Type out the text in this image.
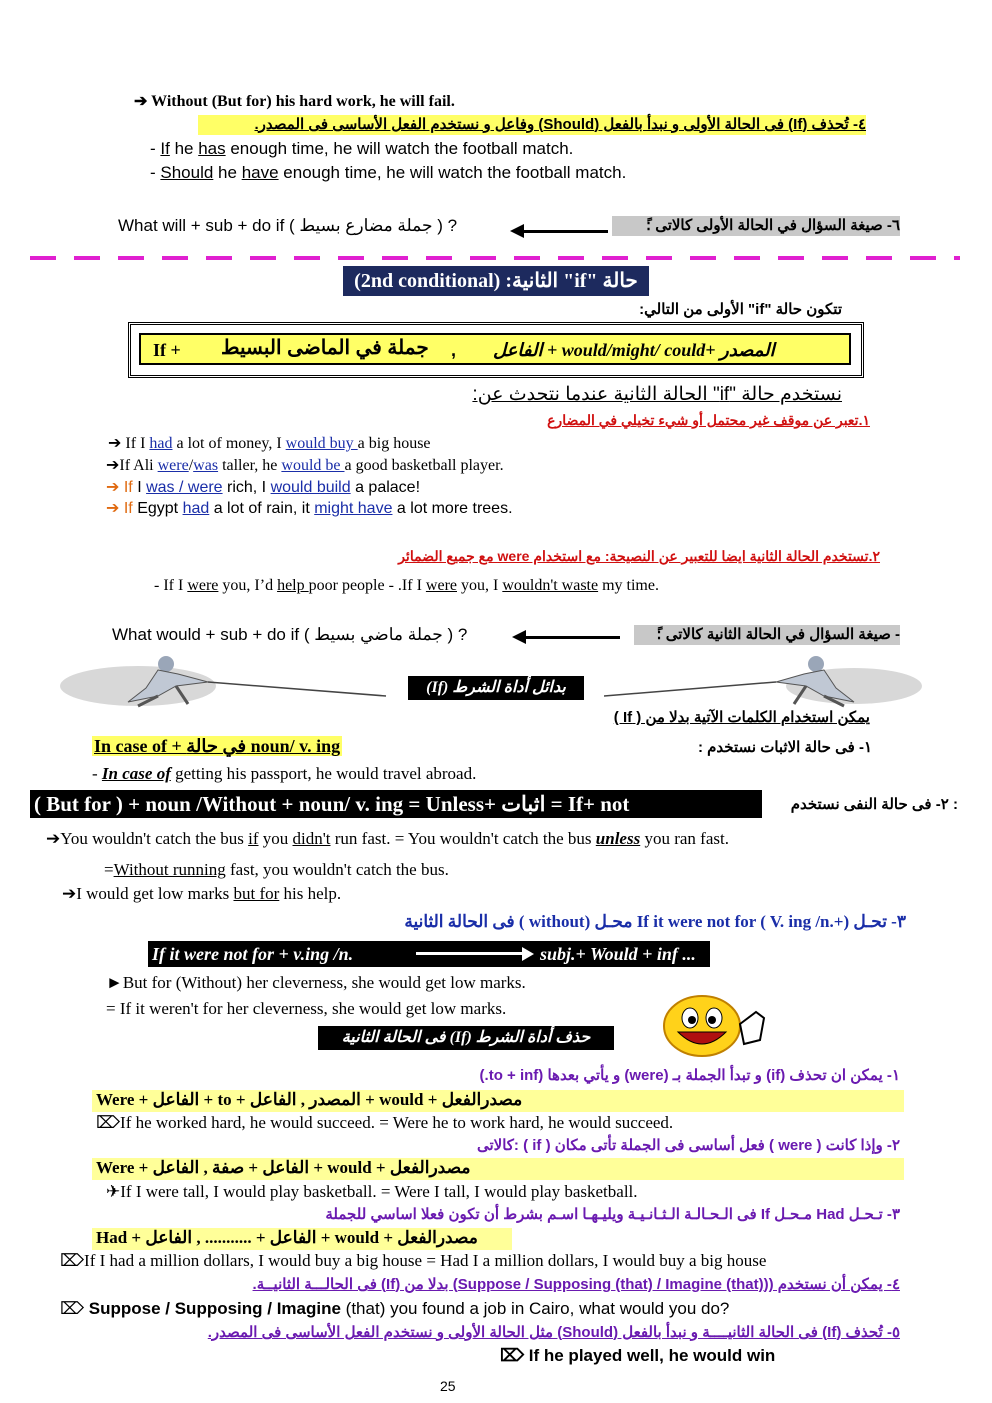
➔ Without (But for) his hard work, he will fail.
٤- تُحذف (If) فى الحالة الأولى و نبدأ بالفعل (Should) وفاعل و نستخدم الفعل الأساسى فى المصدر.
- If he has enough time, he will watch the football match.
- Should he have enough time, he will watch the football match.
What will + sub + do if ( جملة مضارع بسيط ) ?	٦- صيغة السؤال في الحالة الأولى كالاتى :ً
حالة "if" الثانية: (2nd conditional)
تتكون حالة "if" الأولى من التالي:
If + جملة في الماضى البسيط , الفاعل + would/might/ could+ المصدر
نستخدم حالة "if" الحالة الثانية عندما نتحدث عن:
١.تعبر عن موقف غير محتمل أو شيء تخيلي في المضارع
➔ If I had a lot of money, I would buy a big house
➔If Ali were/was taller, he would be a good basketball player.
➔ If I was / were rich, I would build a palace!
➔ If Egypt had a lot of rain, it might have a lot more trees.
٢.تستخدم الحالة الثانية ايضا للتعبير عن النصيحة: مع استخدام were مع جميع الضمائر
- If I were you, I’d help poor people - .If I were you, I wouldn't waste my time.
What would + sub + do if ( جملة ماضي بسيط ) ?	- صيغة السؤال في الحالة الثانية كالاتى :ً
بدائل أداة الشرط (If)
يمكن استخدام الكلمات الآتية بدلا من ( If )
In case of + في حالة noun/ v. ing	١- فى حالة الاثبات نستخدم :
- In case of getting his passport, he would travel abroad.
( But for ) + noun /Without + noun/ v. ing = Unless+ اثبات = If+ not	: ٢- فى حالة النفى نستخدم
➔You wouldn't catch the bus if you didn't run fast. = You wouldn't catch the bus unless you ran fast.
=Without running fast, you wouldn't catch the bus.
➔I would get low marks but for his help.
٣- تحـل If it were not for ( V. ing /n.+) محـل (without ) فى الحالة الثانية
If it were not for + v.ing /n.	subj.+ Would + inf ...
►But for (Without) her cleverness, she would get low marks.
= If it weren't for her cleverness, she would get low marks.
حذف أداة الشرط (If) فى الحالة الثانية
١- يمكن ان تحذف (if) و تبدأ الجملة بـ (were) و يأتي بعدها (to + inf.)
Were + الفاعل + to + المصدر , الفاعل + would + مصدرالفعل
⌦If he worked hard, he would succeed. = Were he to work hard, he would succeed.
٢- وإذا كانت ( were ) فعل أساسى فى الجملة تأتى مكان ( if ) :كالاتى
Were + الفاعل + صفة , الفاعل + would + مصدرالفعل
✈If I were tall, I would play basketball. = Were I tall, I would play basketball.
٣- تـحـل Had مـحـل If فى الـحـالـة الـثـانـيـة ويليـهـا اسـم بشرط أن تكون فعلا اساسي للجملة
Had + الفاعل + ........... , الفاعل + would + مصدرالفعل
⌦If I had a million dollars, I would buy a big house = Had I a million dollars, I would buy a big house
٤- يمكن أن نستخدم ((Suppose / Supposing (that) / Imagine (that)) بدلا من (If) فى الحالـــة الثانيــة.
⌦ Suppose / Supposing / Imagine (that) you found a job in Cairo, what would you do?
٥- تُحذف (If) فى الحالة الثانيــــة و نبدأ بالفعل (Should) مثل الحالة الأولى و نستخدم الفعل الأساسى فى المصدر.
⌦ If he played well, he would win
25
